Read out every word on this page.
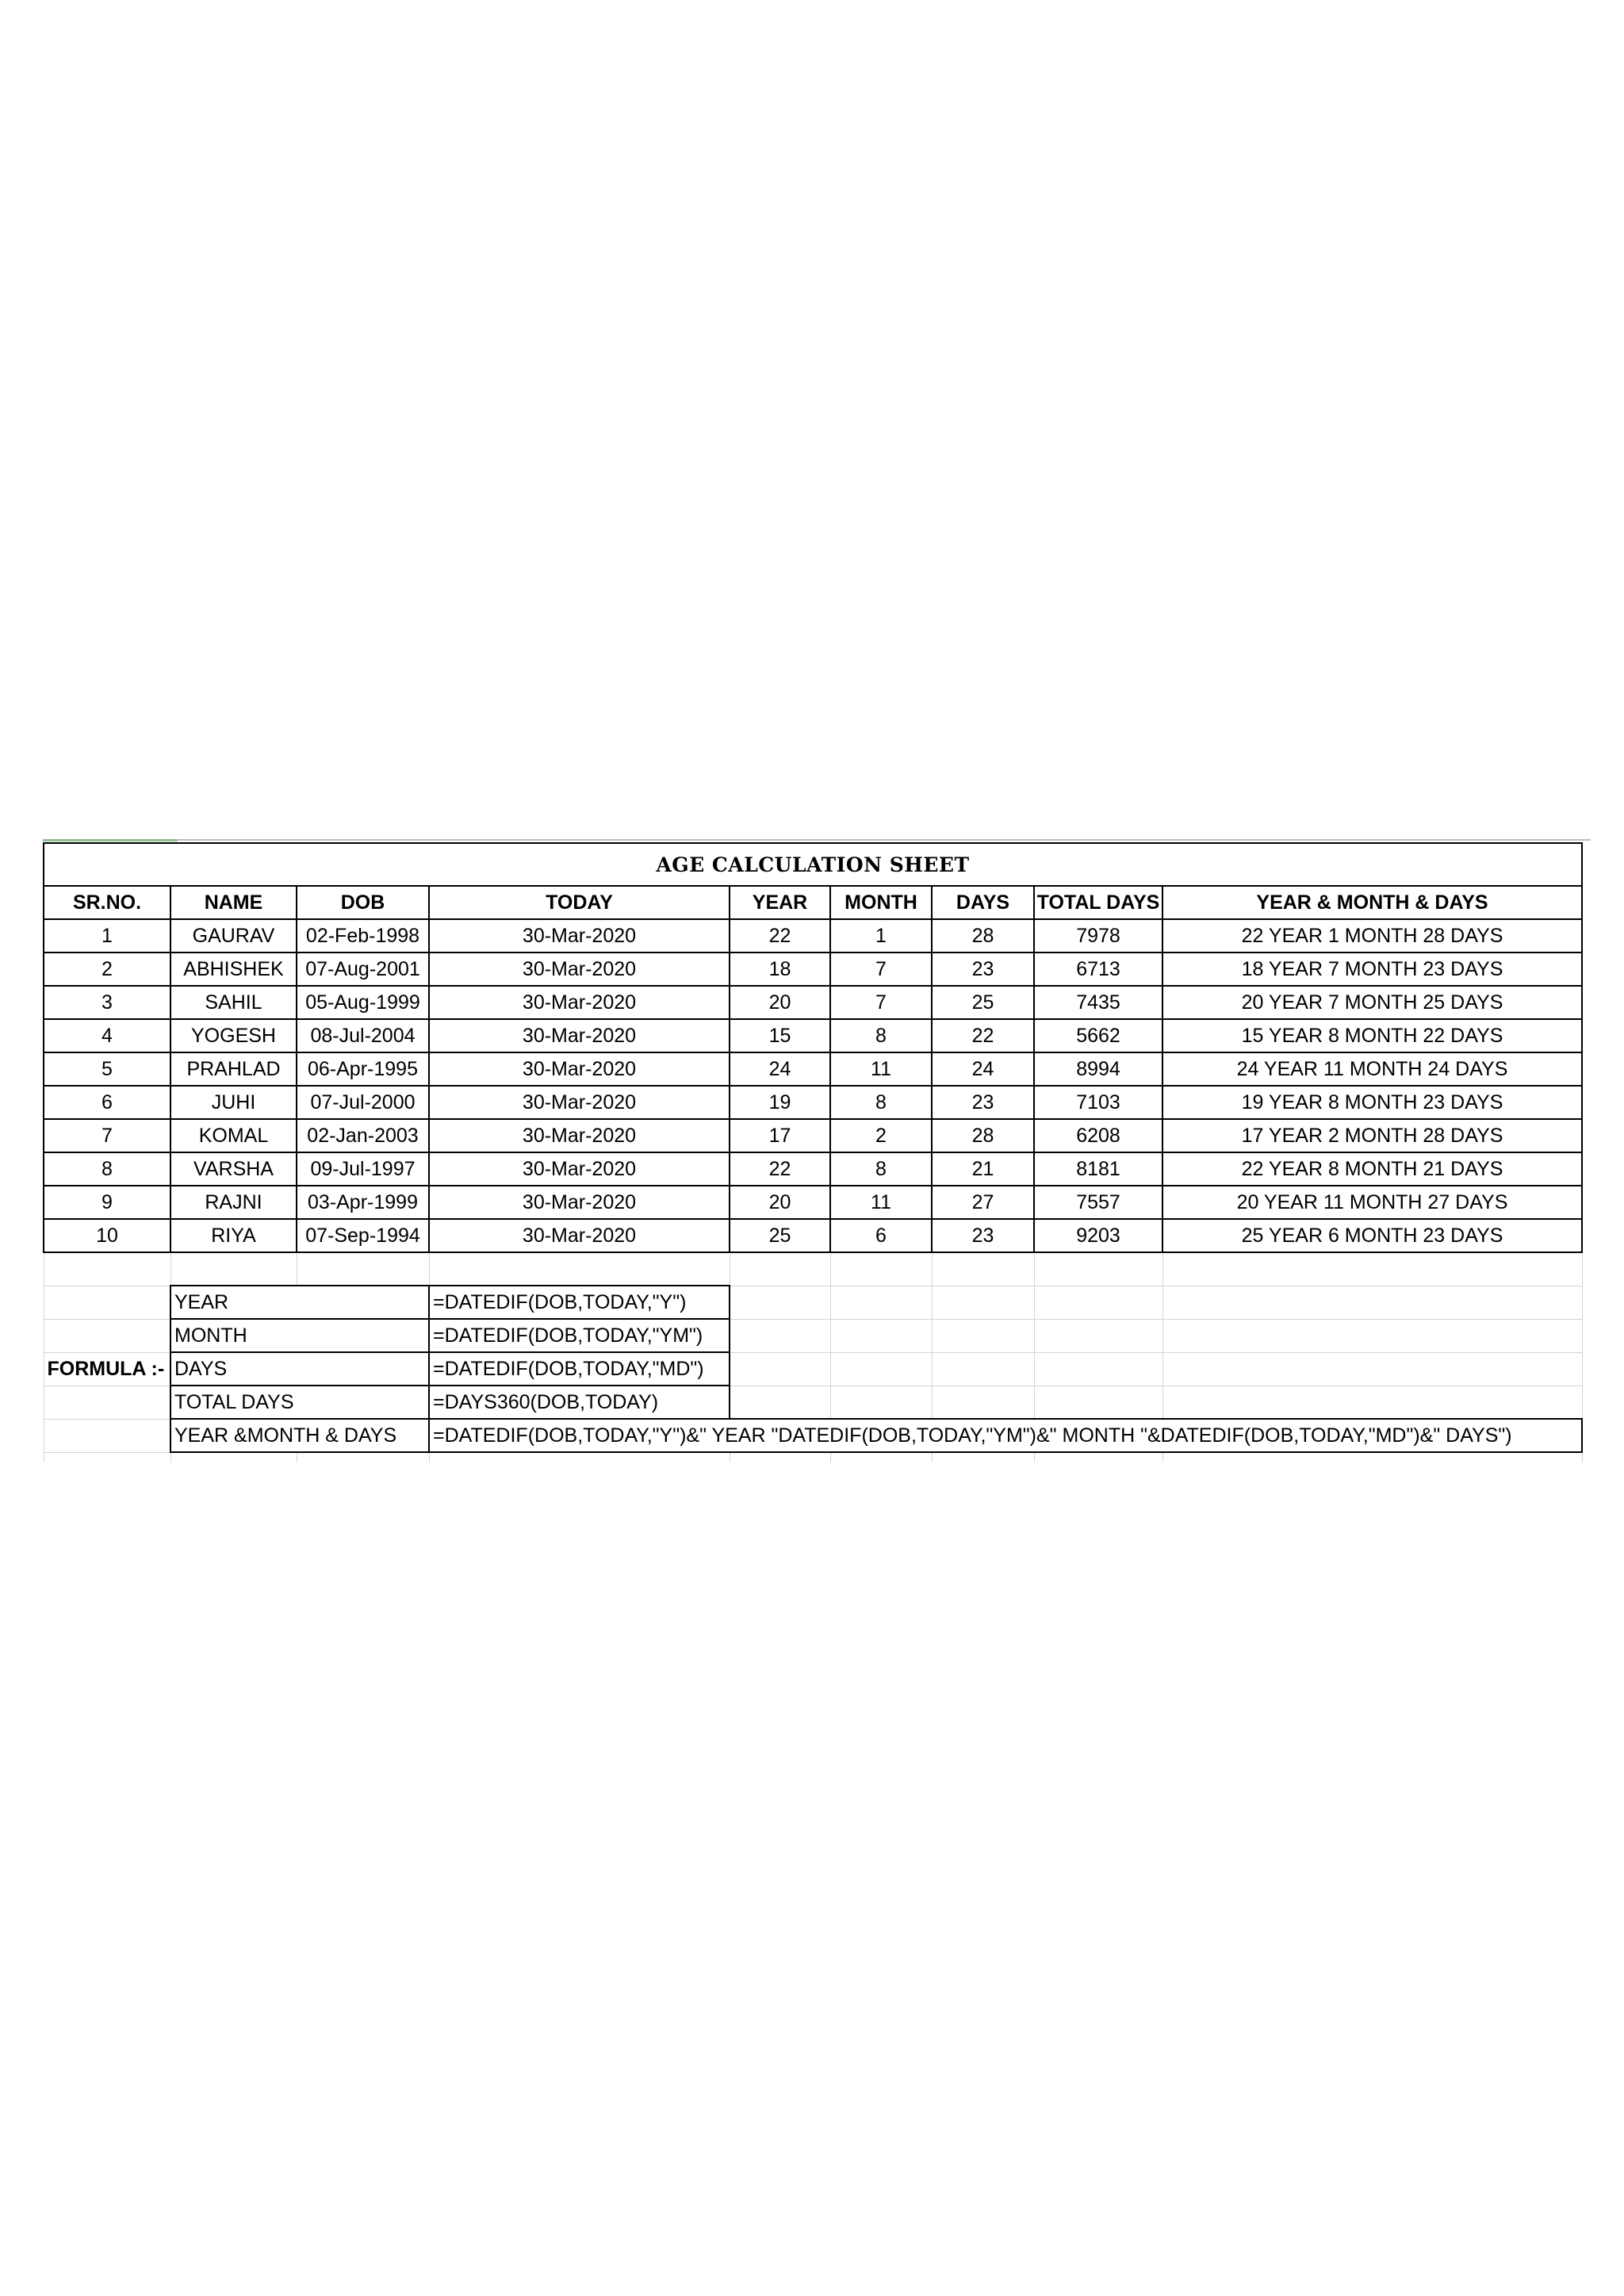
AGE CALCULATION SHEET								
SR.NO.	NAME	DOB	TODAY	YEAR	MONTH	DAYS	TOTAL DAYS	YEAR & MONTH & DAYS
1	GAURAV	02-Feb-1998	30-Mar-2020	22	1	28	7978	22 YEAR 1 MONTH 28 DAYS
2	ABHISHEK	07-Aug-2001	30-Mar-2020	18	7	23	6713	18 YEAR 7 MONTH 23 DAYS
3	SAHIL	05-Aug-1999	30-Mar-2020	20	7	25	7435	20 YEAR 7 MONTH 25 DAYS
4	YOGESH	08-Jul-2004	30-Mar-2020	15	8	22	5662	15 YEAR 8 MONTH 22 DAYS
5	PRAHLAD	06-Apr-1995	30-Mar-2020	24	11	24	8994	24 YEAR 11 MONTH 24 DAYS
6	JUHI	07-Jul-2000	30-Mar-2020	19	8	23	7103	19 YEAR 8 MONTH 23 DAYS
7	KOMAL	02-Jan-2003	30-Mar-2020	17	2	28	6208	17 YEAR 2 MONTH 28 DAYS
8	VARSHA	09-Jul-1997	30-Mar-2020	22	8	21	8181	22 YEAR 8 MONTH 21 DAYS
9	RAJNI	03-Apr-1999	30-Mar-2020	20	11	27	7557	20 YEAR 11 MONTH 27 DAYS
10	RIYA	07-Sep-1994	30-Mar-2020	25	6	23	9203	25 YEAR 6 MONTH 23 DAYS

	YEAR		=DATEDIF(DOB,TODAY,"Y")					
	MONTH		=DATEDIF(DOB,TODAY,"YM")					
FORMULA :-	DAYS		=DATEDIF(DOB,TODAY,"MD")					
	TOTAL DAYS		=DAYS360(DOB,TODAY)					
	YEAR &MONTH & DAYS		=DATEDIF(DOB,TODAY,"Y")&" YEAR "DATEDIF(DOB,TODAY,"YM")&" MONTH "&DATEDIF(DOB,TODAY,"MD")&" DAYS")					
